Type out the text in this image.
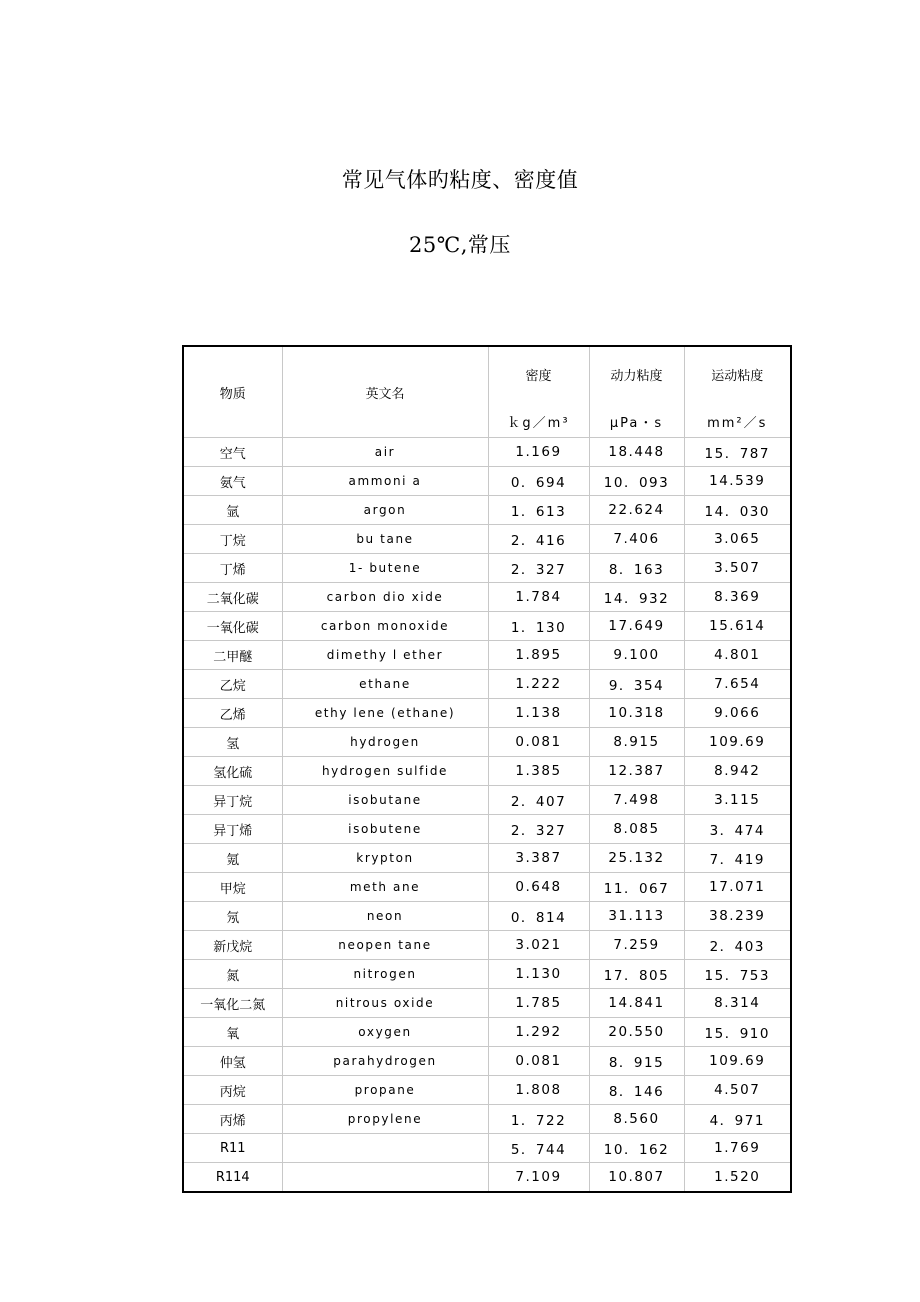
常见气体旳粘度、密度值
25℃,常压
物质	英文名	密度	动力粘度	运动粘度
		ｋg／m³	μPa・s	mm²／s
空气	air	1.169	18.448	15．787
氨气	ammoni a	0．694	10．093	14.539
氩	argon	1．613	22.624	14．030
丁烷	bu tane	2．416	7.406	3.065
丁烯	1- butene	2．327	8．163	3.507
二氧化碳	carbon dio xide	1.784	14．932	8.369
一氧化碳	carbon monoxide	1．130	17.649	15.614
二甲醚	dimethy l ether	1.895	9.100	4.801
乙烷	ethane	1.222	9．354	7.654
乙烯	ethy lene (ethane)	1.138	10.318	9.066
氢	hydrogen	0.081	8.915	109.69
氢化硫	hydrogen sulfide	1.385	12.387	8.942
异丁烷	isobutane	2．407	7.498	3.115
异丁烯	isobutene	2．327	8.085	3．474
氪	krypton	3.387	25.132	7．419
甲烷	meth ane	0.648	11．067	17.071
氖	neon	0．814	31.113	38.239
新戊烷	neopen tane	3.021	7.259	2．403
氮	nitrogen	1.130	17．805	15．753
一氧化二氮	nitrous oxide	1.785	14.841	8.314
氧	oxygen	1.292	20.550	15．910
仲氢	parahydrogen	0.081	8．915	109.69
丙烷	propane	1.808	8．146	4.507
丙烯	propylene	1．722	8.560	4．971
R11		5．744	10．162	1.769
R114		7.109	10.807	1.520
